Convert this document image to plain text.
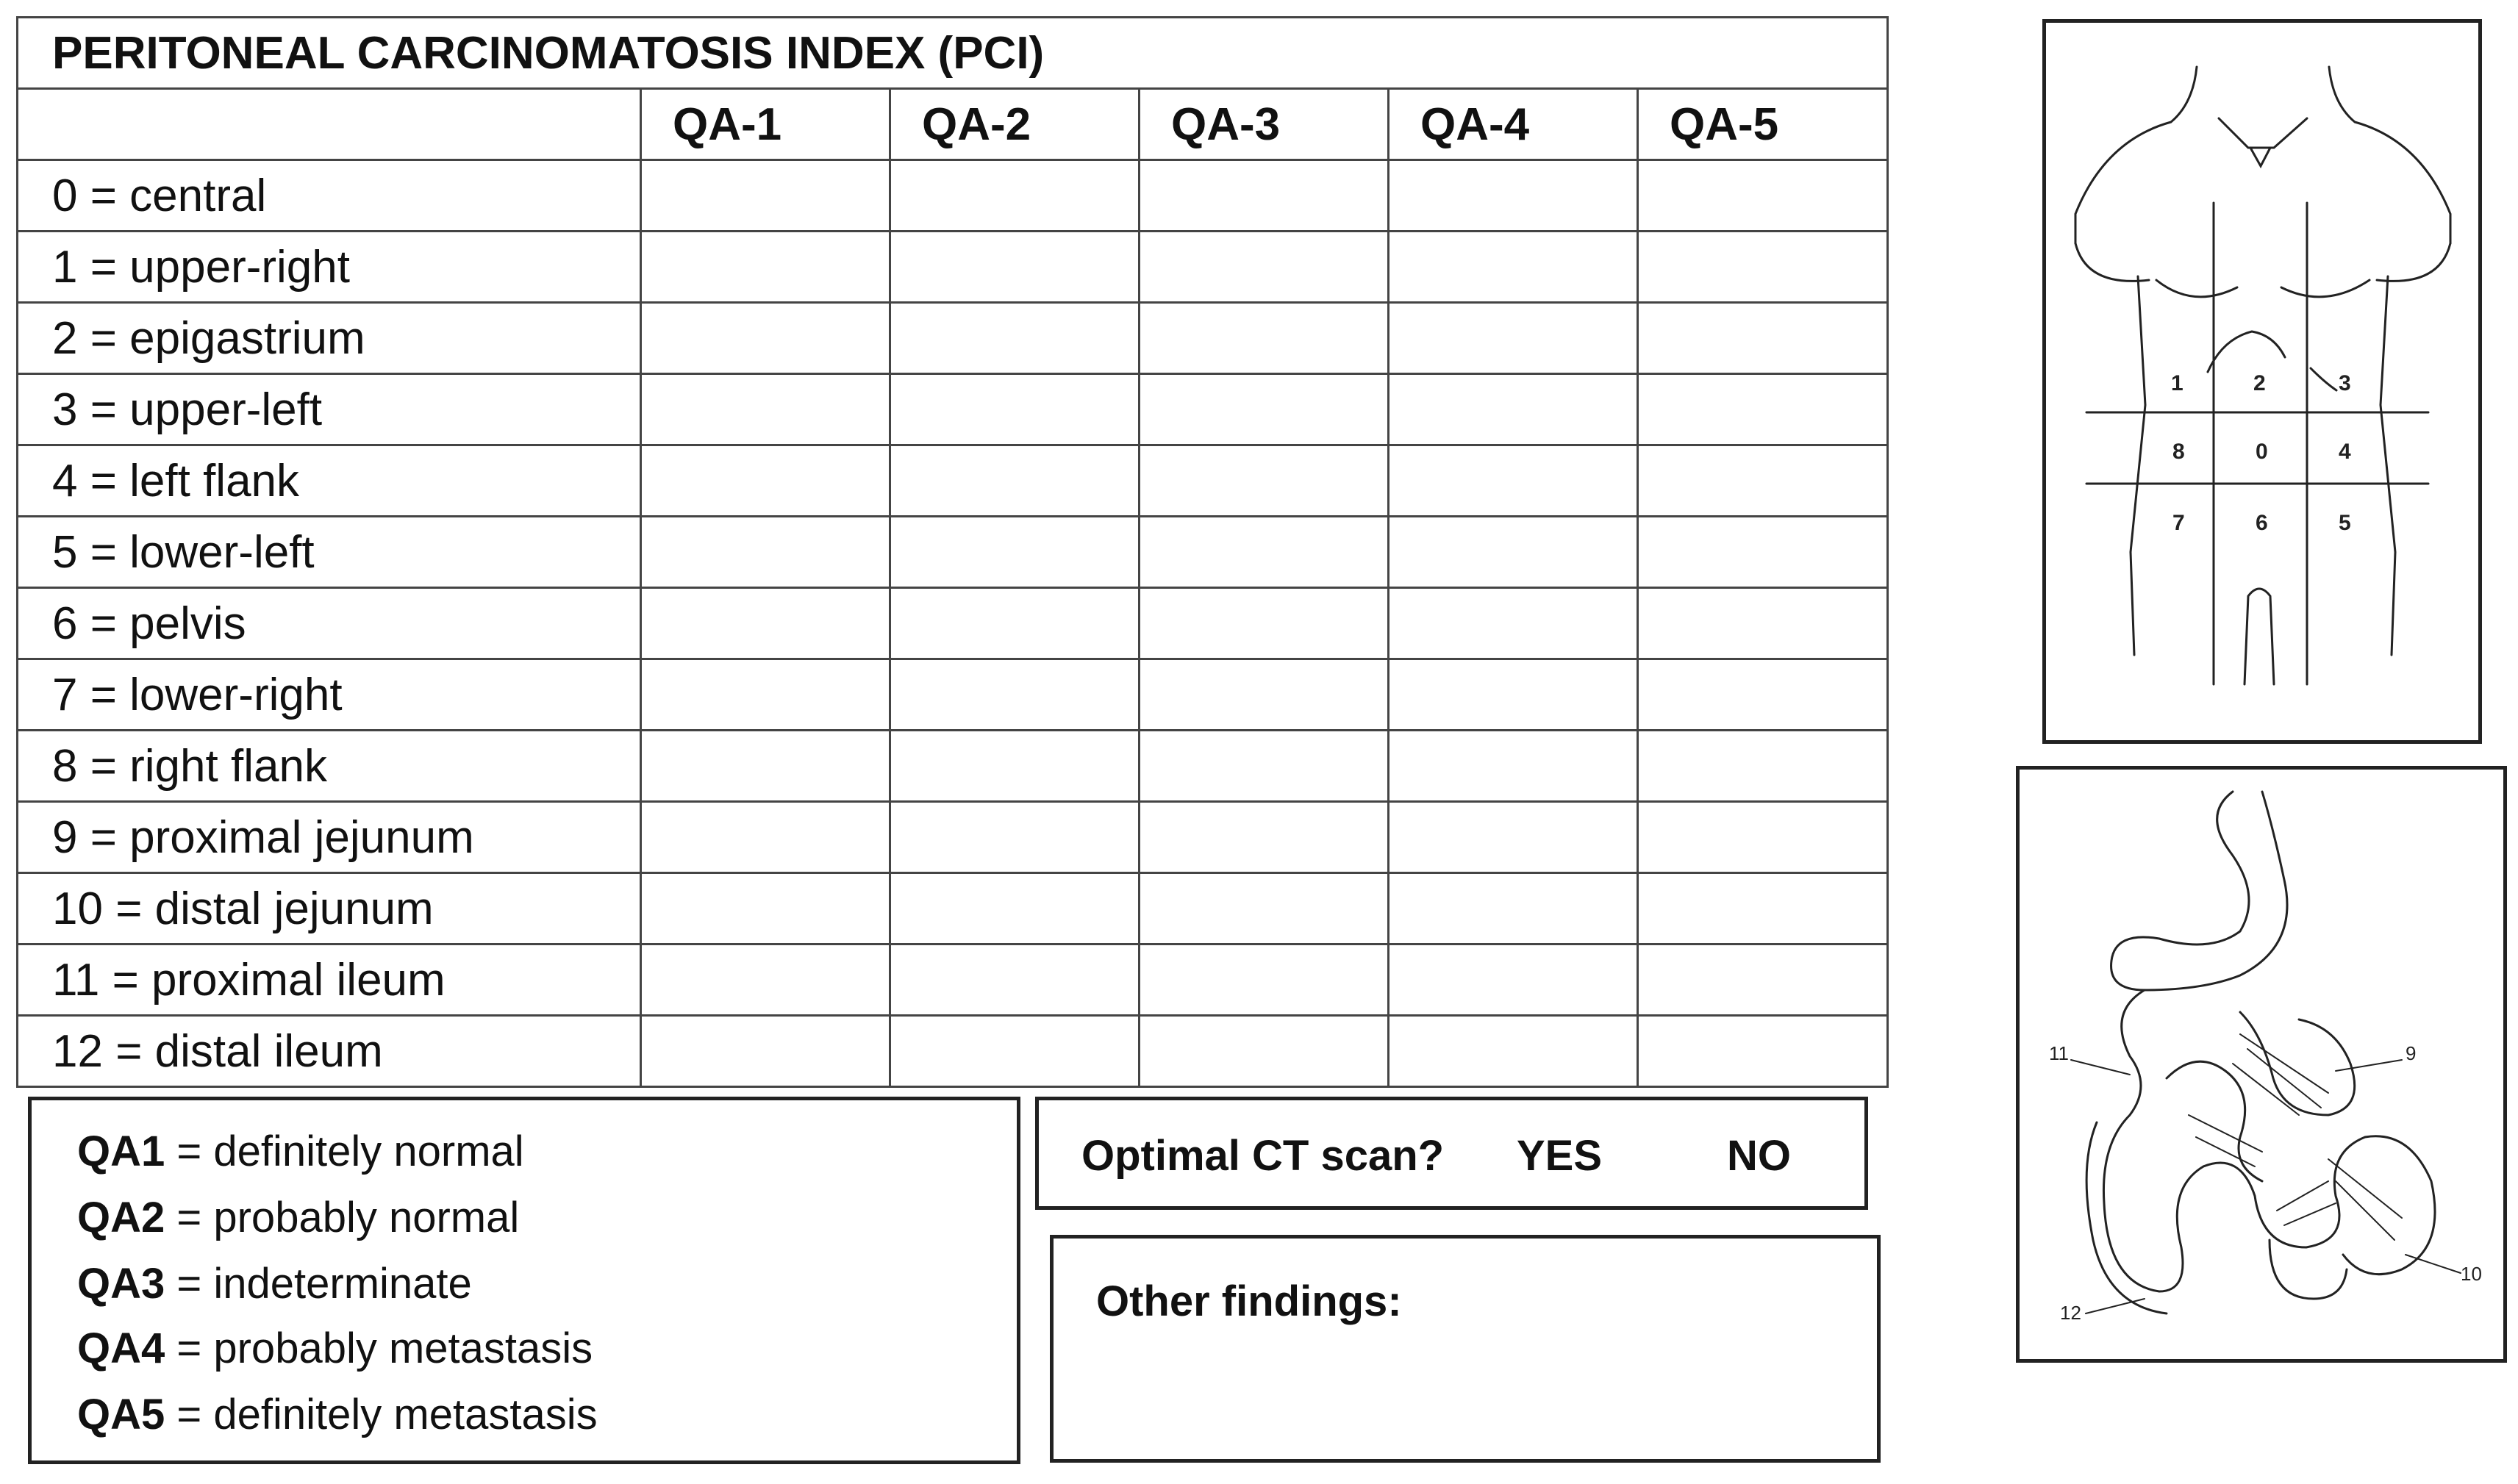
PERITONEAL CARCINOMATOSIS INDEX (PCI)					
	QA-1	QA-2	QA-3	QA-4	QA-5
0 = central					
1 = upper-right					
2 = epigastrium					
3 = upper-left					
4 = left flank					
5 = lower-left					
6 = pelvis					
7 = lower-right					
8 = right flank					
9 = proximal jejunum					
10 = distal jejunum					
11 = proximal ileum					
12 = distal ileum					
QA1 = definitely normal
QA2 = probably normal
QA3 = indeterminate
QA4 = probably metastasis
QA5 = definitely metastasis
Optimal CT scan? YES	NO
Other findings:
1	2	3
8	0	4
7	6	5
11	9
12
10
